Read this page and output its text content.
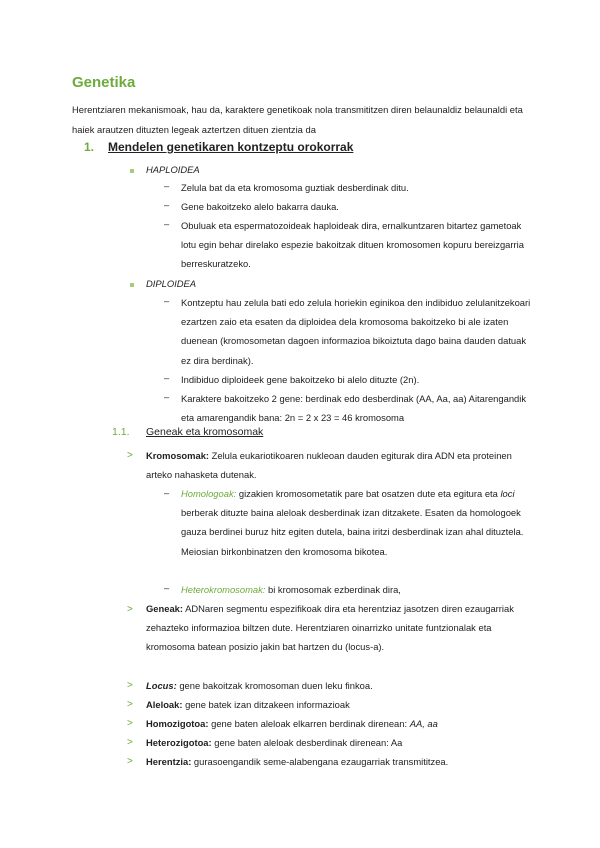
Genetika
Herentziaren mekanismoak, hau da, karaktere genetikoak nola transmititzen diren belaunaldiz belaunaldi eta haiek arautzen dituzten legeak aztertzen dituen zientzia da
1. Mendelen genetikaren kontzeptu orokorrak
HAPLOIDEA
– Zelula bat da eta kromosoma guztiak desberdinak ditu.
– Gene bakoitzeko alelo bakarra dauka.
– Obuluak eta espermatozoideak haploideak dira, ernalkuntzaren bitartez gametoak lotu egin behar direlako espezie bakoitzak dituen kromosomen kopuru bereizgarria berreskuratzeko.
DIPLOIDEA
– Kontzeptu hau zelula bati edo zelula horiekin eginikoa den indibiduo zelulanitzekoari ezartzen zaio eta esaten da diploidea dela kromosoma bakoitzeko bi ale izaten duenean (kromosometan dagoen informazioa bikoiztuta dago baina dauden datuak ez dira berdinak).
– Indibiduo diploideek gene bakoitzeko bi alelo dituzte (2n).
– Karaktere bakoitzeko 2 gene: berdinak edo desberdinak (AA, Aa, aa) Aitarengandik eta amarengandik bana: 2n = 2 x 23 = 46 kromosoma
1.1. Geneak eta kromosomak
> Kromosomak: Zelula eukariotikoaren nukleoan dauden egiturak dira ADN eta proteinen arteko nahasketa dutenak.
– Homologoak: gizakien kromosometatik pare bat osatzen dute eta egitura eta loci berberak dituzte baina aleloak desberdinak izan ditzakete. Esaten da homologoek gauza berdinei buruz hitz egiten dutela, baina iritzi desberdinak izan ahal dituztela. Meiosian birkonbinatzen den kromosoma bikotea.
– Heterokromosomak: bi kromosomak ezberdinak dira,
> Geneak: ADNaren segmentu espezifikoak dira eta herentziaz jasotzen diren ezaugarriak zehazteko informazioa biltzen dute. Herentziaren oinarrizko unitate funtzionalak eta kromosoma batean posizio jakin bat hartzen du (locus-a).
> Locus: gene bakoitzak kromosoman duen leku finkoa.
> Aleloak: gene batek izan ditzakeen informazioak
> Homozigotoa: gene baten aleloak elkarren berdinak direnean: AA, aa
> Heterozigotoa: gene baten aleloak desberdinak direnean: Aa
> Herentzia: gurasoengandik seme-alabengana ezaugarriak transmititzea.
